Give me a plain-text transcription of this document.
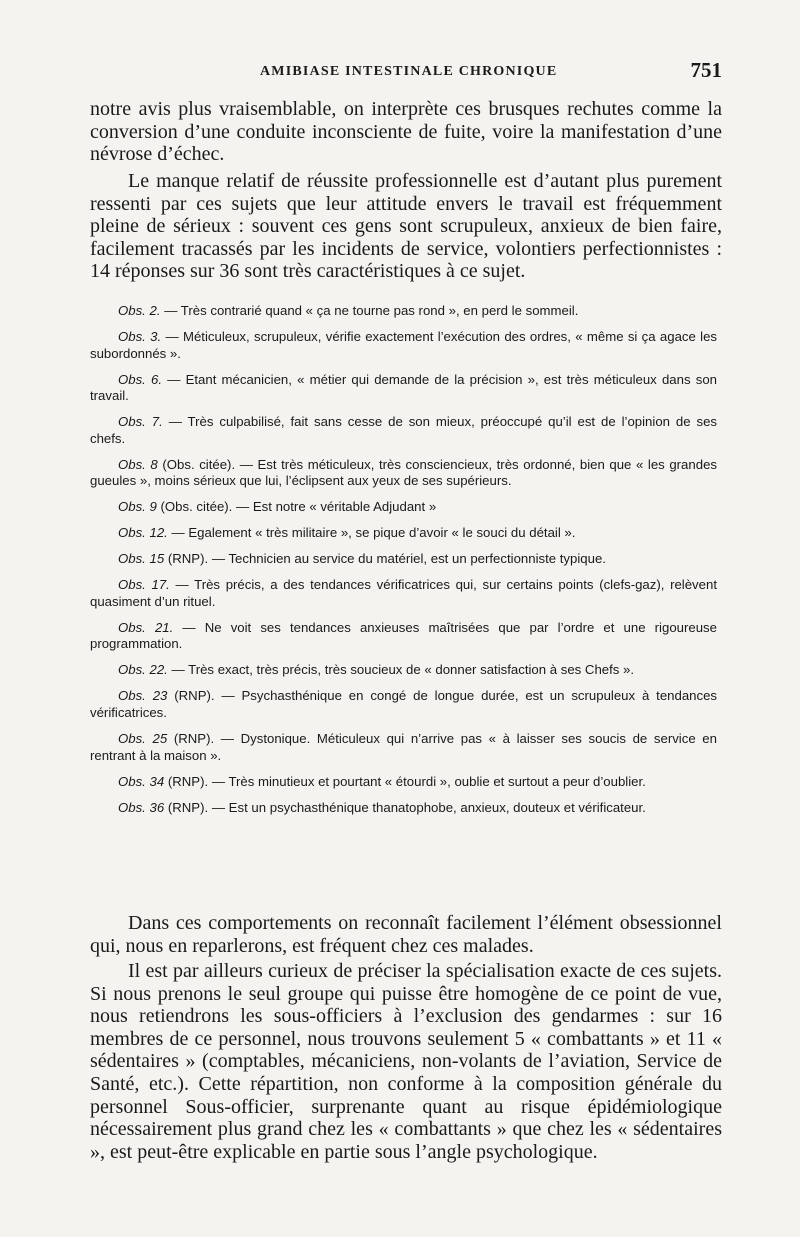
AMIBIASE INTESTINALE CHRONIQUE	751

notre avis plus vraisemblable, on interprète ces brusques rechutes comme la conversion d’une conduite inconsciente de fuite, voire la manifestation d’une névrose d’échec.

Le manque relatif de réussite professionnelle est d’autant plus purement ressenti par ces sujets que leur attitude envers le travail est fréquemment pleine de sérieux : souvent ces gens sont scrupuleux, anxieux de bien faire, facilement tracassés par les incidents de service, volontiers perfectionnistes : 14 réponses sur 36 sont très caractéristiques à ce sujet.

Obs. 2. — Très contrarié quand « ça ne tourne pas rond », en perd le sommeil.
Obs. 3. — Méticuleux, scrupuleux, vérifie exactement l’exécution des ordres, « même si ça agace les subordonnés ».
Obs. 6. — Etant mécanicien, « métier qui demande de la précision », est très méticuleux dans son travail.
Obs. 7. — Très culpabilisé, fait sans cesse de son mieux, préoccupé qu’il est de l’opinion de ses chefs.
Obs. 8 (Obs. citée). — Est très méticuleux, très consciencieux, très ordonné, bien que « les grandes gueules », moins sérieux que lui, l’éclipsent aux yeux de ses supérieurs.
Obs. 9 (Obs. citée). — Est notre « véritable Adjudant »
Obs. 12. — Egalement « très militaire », se pique d’avoir « le souci du détail ».
Obs. 15 (RNP). — Technicien au service du matériel, est un perfectionniste typique.
Obs. 17. — Très précis, a des tendances vérificatrices qui, sur certains points (clefs-gaz), relèvent quasiment d’un rituel.
Obs. 21. — Ne voit ses tendances anxieuses maîtrisées que par l’ordre et une rigoureuse programmation.
Obs. 22. — Très exact, très précis, très soucieux de « donner satisfaction à ses Chefs ».
Obs. 23 (RNP). — Psychasthénique en congé de longue durée, est un scrupuleux à tendances vérificatrices.
Obs. 25 (RNP). — Dystonique. Méticuleux qui n’arrive pas « à laisser ses soucis de service en rentrant à la maison ».
Obs. 34 (RNP). — Très minutieux et pourtant « étourdi », oublie et surtout a peur d’oublier.
Obs. 36 (RNP). — Est un psychasthénique thanatophobe, anxieux, douteux et vérificateur.

Dans ces comportements on reconnaît facilement l’élément obsessionnel qui, nous en reparlerons, est fréquent chez ces malades.

Il est par ailleurs curieux de préciser la spécialisation exacte de ces sujets. Si nous prenons le seul groupe qui puisse être homogène de ce point de vue, nous retiendrons les sous-officiers à l’exclusion des gendarmes : sur 16 membres de ce personnel, nous trouvons seulement 5 « combattants » et 11 « sédentaires » (comptables, mécaniciens, non-volants de l’aviation, Service de Santé, etc.). Cette répartition, non conforme à la composition générale du personnel Sous-officier, surprenante quant au risque épidémiologique nécessairement plus grand chez les « combattants » que chez les « sédentaires », est peut-être explicable en partie sous l’angle psychologique.
